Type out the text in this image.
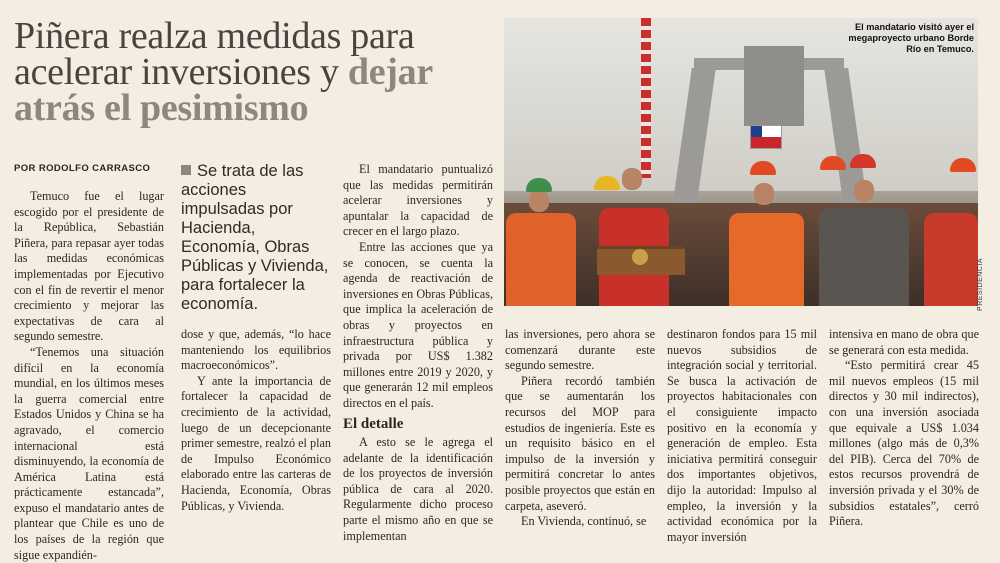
Piñera realza medidas para
acelerar inversiones y dejar
atrás el pesimismo
POR RODOLFO CARRASCO

Temuco fue el lugar escogido por el presidente de la República, Sebastián Piñera, para repasar ayer todas las medidas económicas implementadas por Ejecutivo con el fin de revertir el menor crecimiento y mejorar las expectativas de cara al segundo semestre.

“Tenemos una situación difícil en la economía mundial, en los últimos meses la guerra comercial entre Estados Unidos y China se ha agravado, el comercio internacional está disminuyendo, la economía de América Latina está prácticamente estancada”, expuso el mandatario antes de plantear que Chile es uno de los países de la región que sigue expandién-

Se trata de las acciones impulsadas por Hacienda, Economía, Obras Públicas y Vivienda, para fortalecer la economía.

dose y que, además, “lo hace manteniendo los equilibrios macroeconómicos”.

Y ante la importancia de fortalecer la capacidad de crecimiento de la actividad, luego de un decepcionante primer semestre, realzó el plan de Impulso Económico elaborado entre las carteras de Hacienda, Economía, Obras Públicas, y Vivienda.

El mandatario puntualizó que las medidas permitirán acelerar inversiones y apuntalar la capacidad de crecer en el largo plazo.

Entre las acciones que ya se conocen, se cuenta la agenda de reactivación de inversiones en Obras Públicas, que implica la aceleración de obras y proyectos en infraestructura pública y privada por US$ 1.382 millones entre 2019 y 2020, y que generarán 12 mil empleos directos en el país.

El detalle

A esto se le agrega el adelante de la identificación de los proyectos de inversión pública de cara al 2020. Regularmente dicho proceso parte el mismo año en que se implementan

El mandatario visitó ayer el megaproyecto urbano Borde Río en Temuco.
PRESIDENCIA

las inversiones, pero ahora se comenzará durante este segundo semestre.

Piñera recordó también que se aumentarán los recursos del MOP para estudios de ingeniería. Este es un requisito básico en el impulso de la inversión y permitirá concretar lo antes posible proyectos que están en carpeta, aseveró.

En Vivienda, continuó, se

destinaron fondos para 15 mil nuevos subsidios de integración social y territorial. Se busca la activación de proyectos habitacionales con el consiguiente impacto positivo en la economía y generación de empleo. Esta iniciativa permitirá conseguir dos importantes objetivos, dijo la autoridad: Impulso al empleo, la inversión y la actividad económica por la mayor inversión

intensiva en mano de obra que se generará con esta medida.

“Esto permitirá crear 45 mil nuevos empleos (15 mil directos y 30 mil indirectos), con una inversión asociada que equivale a US$ 1.034 millones (algo más de 0,3% del PIB). Cerca del 70% de estos recursos provendrá de inversión privada y el 30% de subsidios estatales”, cerró Piñera.
